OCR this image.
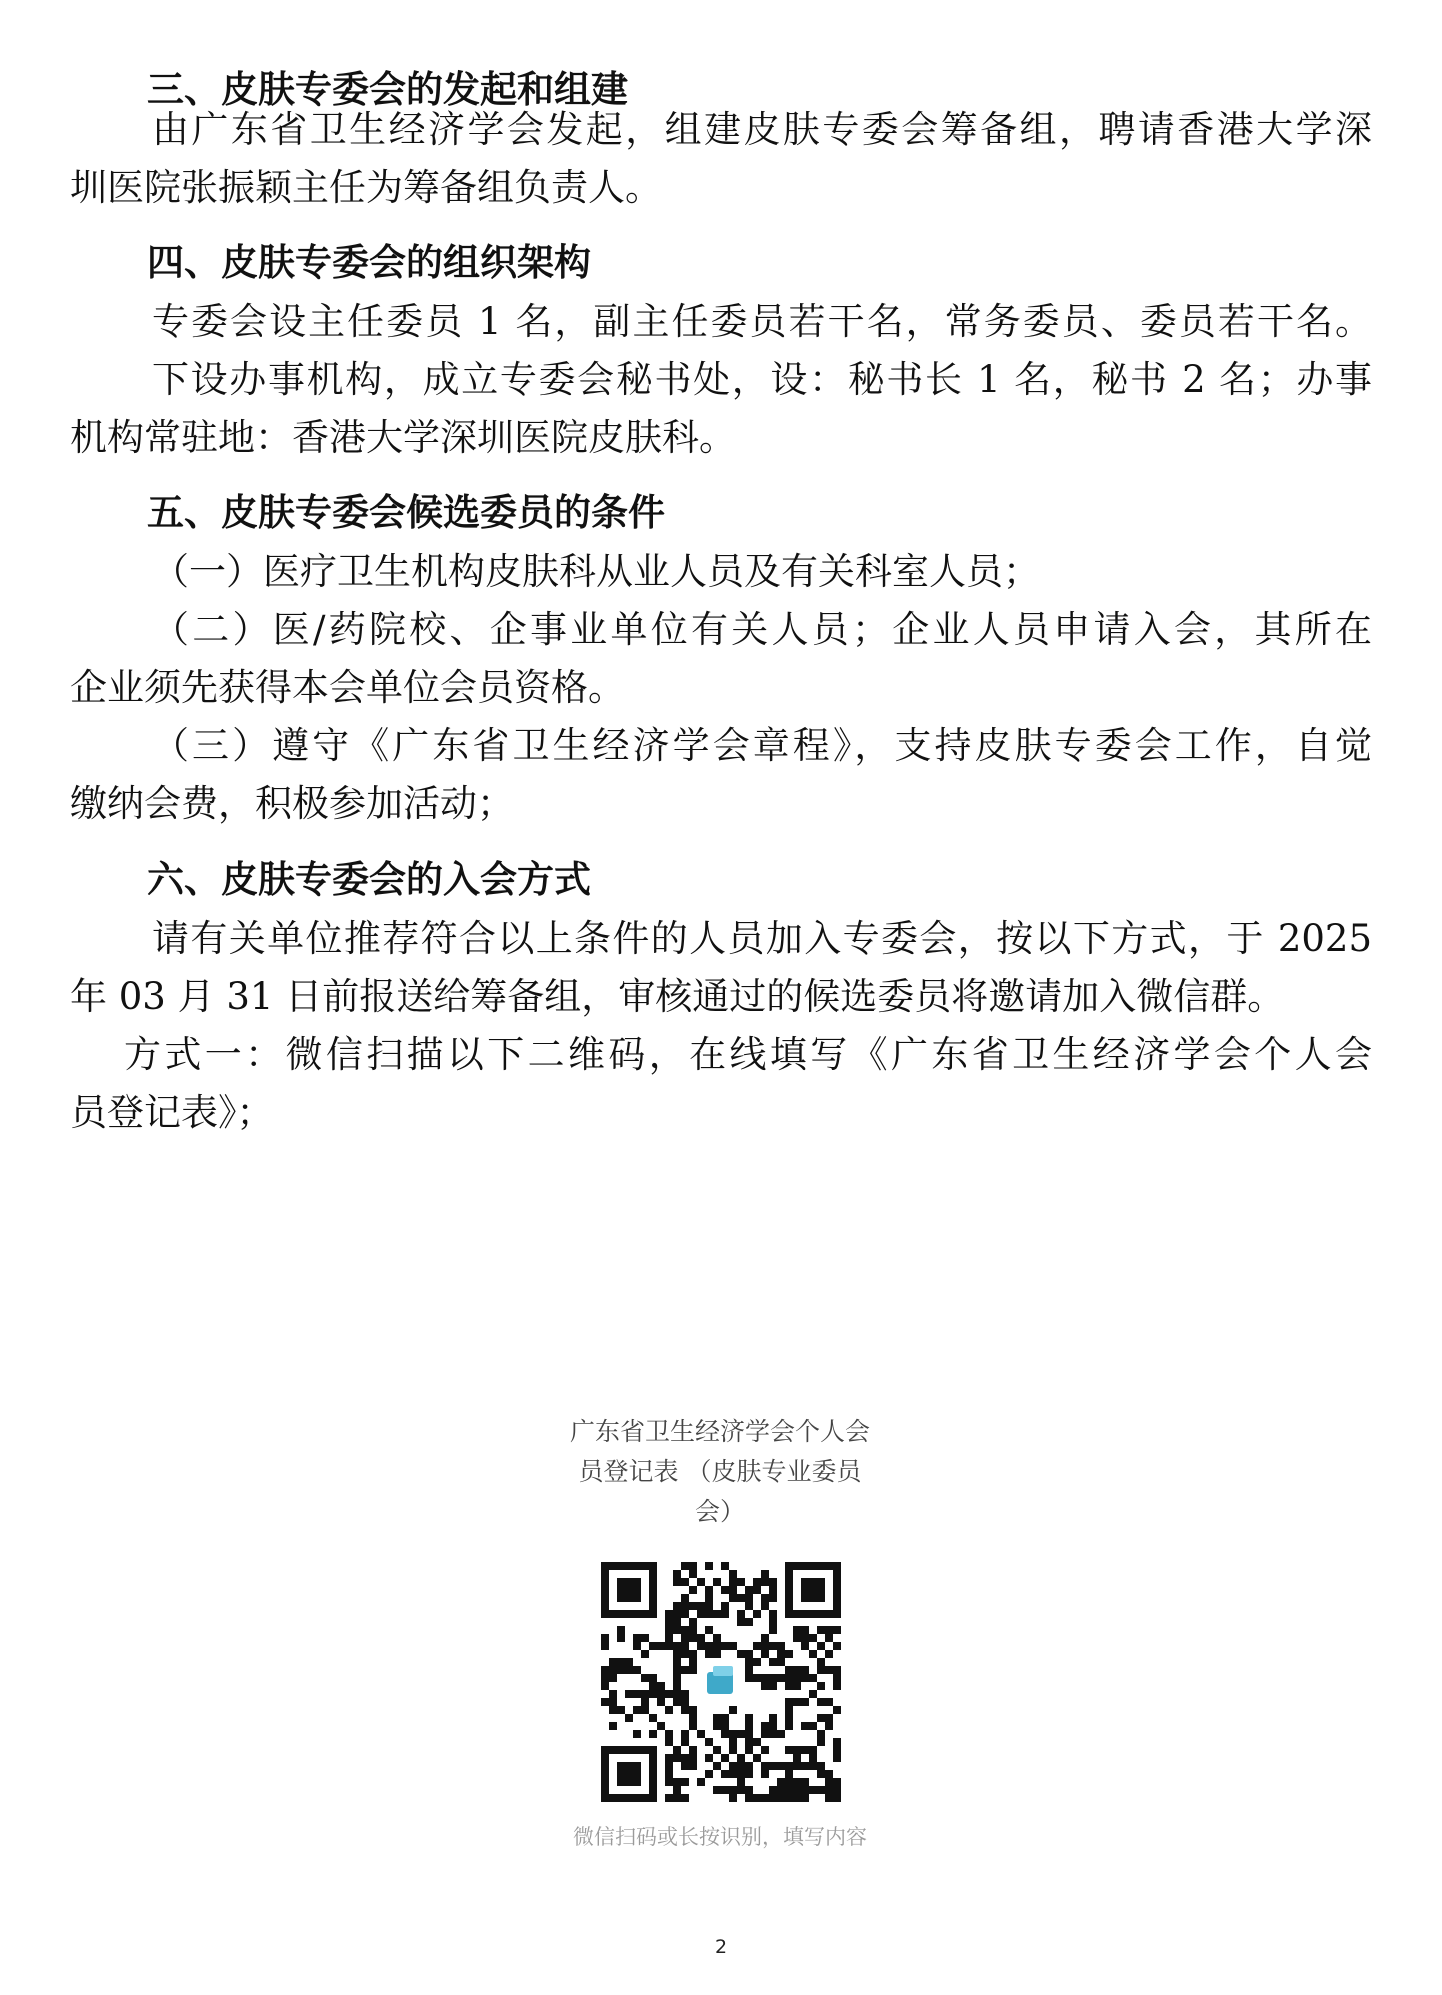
三、皮肤专委会的发起和组建
由广东省卫生经济学会发起，组建皮肤专委会筹备组，聘请香港大学深
圳医院张振颖主任为筹备组负责人。
四、皮肤专委会的组织架构
专委会设主任委员 1 名，副主任委员若干名，常务委员、委员若干名。
下设办事机构，成立专委会秘书处，设：秘书长 1 名，秘书 2 名；办事
机构常驻地：香港大学深圳医院皮肤科。
五、皮肤专委会候选委员的条件
（一）医疗卫生机构皮肤科从业人员及有关科室人员；
（二）医/药院校、企事业单位有关人员；企业人员申请入会，其所在
企业须先获得本会单位会员资格。
（三）遵守《广东省卫生经济学会章程》，支持皮肤专委会工作，自觉
缴纳会费，积极参加活动；
六、皮肤专委会的入会方式
请有关单位推荐符合以上条件的人员加入专委会，按以下方式，于 2025
年 03 月 31 日前报送给筹备组，审核通过的候选委员将邀请加入微信群。
方式一：微信扫描以下二维码，在线填写《广东省卫生经济学会个人会
员登记表》；
广东省卫生经济学会个人会
员登记表 （皮肤专业委员
会）
微信扫码或长按识别，填写内容
2
